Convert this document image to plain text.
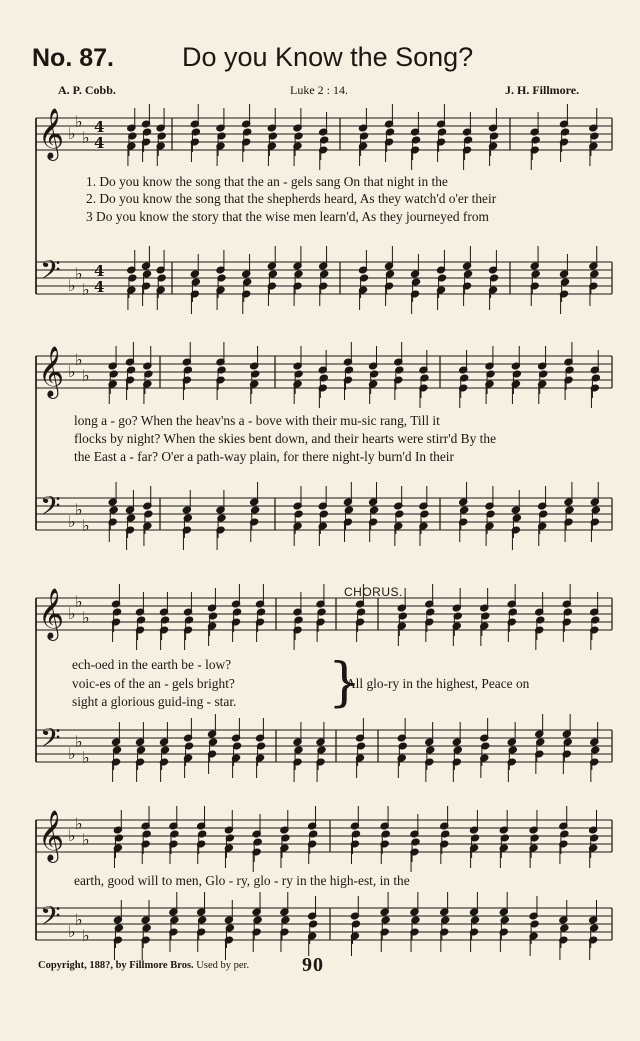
No. 87.	Do you Know the Song?
A. P. Cobb.	Luke 2 : 14.	J. H. Fillmore.
𝄞
𝄢
♭
♭
♭
♭
♭
♭
4
4
4
4
𝄞
𝄢
♭
♭
♭
♭
♭
♭
𝄞
𝄢
♭
♭
♭
♭
♭
♭
𝄞
𝄢
♭
♭
♭
♭
♭
♭
}
1. Do you know the song that the an - gels sang On that night in the
2. Do you know the song that the shepherds heard, As they watch'd o'er their
3 Do you know the story that the wise men learn'd, As they journeyed from
long a - go? When the heav'ns a - bove with their mu-sic rang, Till it
flocks by night? When the skies bent down, and their hearts were stirr'd By the
the East a - far? O'er a path-way plain, for there night-ly burn'd In their
CHORUS.
ech-oed in the earth be - low?
voic-es of the an - gels bright?
sight a glorious guid-ing - star.
All glo-ry in the highest, Peace on
earth, good will to men, Glo - ry, glo - ry in the high-est, in the
Copyright, 188?, by Fillmore Bros. Used by per.	90
